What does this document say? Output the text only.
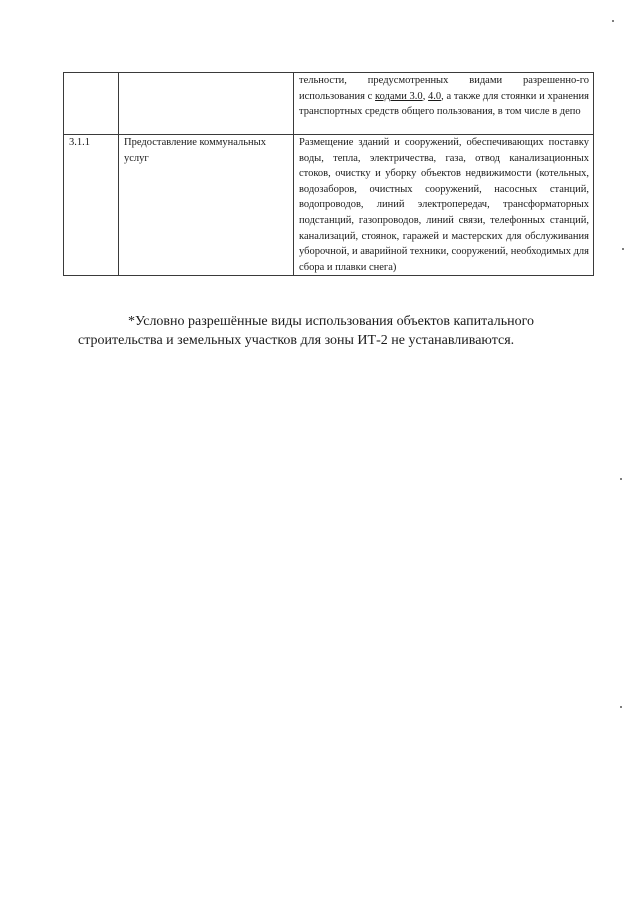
		тельности, предусмотренных видами разрешенно-го использования с кодами 3.0, 4.0, а также для стоянки и хранения транспортных средств общего пользования, в том числе в депо
3.1.1	Предоставление коммунальных услуг	Размещение зданий и сооружений, обеспечивающих поставку воды, тепла, электричества, газа, отвод канализационных стоков, очистку и уборку объектов недвижимости (котельных, водозаборов, очистных сооружений, насосных станций, водопроводов, линий электропередач, трансформаторных подстанций, газопроводов, линий связи, телефонных станций, канализаций, стоянок, гаражей и мастерских для обслуживания уборочной, и аварийной техники, сооружений, необходимых для сбора и плавки снега)
*Условно разрешённые виды использования объектов капитального
строительства и земельных участков для зоны ИТ-2 не устанавливаются.
